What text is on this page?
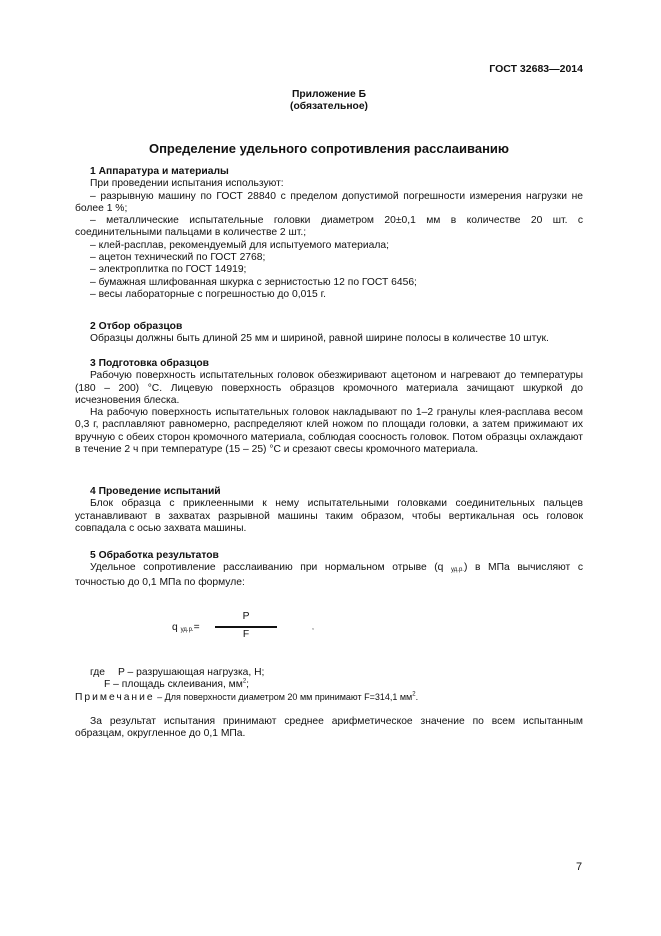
ГОСТ 32683—2014
Приложение Б
(обязательное)
Определение удельного сопротивления расслаиванию
1 Аппаратура и материалы

При проведении испытания используют:

– разрывную машину по ГОСТ 28840 с пределом допустимой погрешности измерения нагрузки не более 1 %;

– металлические испытательные головки диаметром 20±0,1 мм в количестве 20 шт. с соединительными пальцами в количестве 2 шт.;

– клей-расплав, рекомендуемый для испытуемого материала;

– ацетон технический по ГОСТ 2768;

– электроплитка по ГОСТ 14919;

– бумажная шлифованная шкурка с зернистостью 12 по ГОСТ 6456;

– весы лабораторные с погрешностью до 0,015 г.

2 Отбор образцов

Образцы должны быть длиной 25 мм и шириной, равной ширине полосы в количестве 10 штук.

3 Подготовка образцов

Рабочую поверхность испытательных головок обезжиривают ацетоном и нагревают до температуры (180 – 200) °С. Лицевую поверхность образцов кромочного материала зачищают шкуркой до исчезновения блеска.

На рабочую поверхность испытательных головок накладывают по 1–2 гранулы клея-расплава весом 0,3 г, расплавляют равномерно, распределяют клей ножом по площади головки, а затем прижимают их вручную с обеих сторон кромочного материала, соблюдая соосность головок. Потом образцы охлаждают в течение 2 ч при температуре (15 – 25) °С и срезают свесы кромочного материала.

4 Проведение испытаний

Блок образца с приклеенными к нему испытательными головками соединительных пальцев устанавливают в захватах разрывной машины таким образом, чтобы вертикальная ось головок совпадала с осью захвата машины.

5 Обработка результатов

Удельное сопротивление расслаиванию при нормальном отрыве (q уд.р.) в МПа вычисляют с точностью до 0,1 МПа по формуле:

q уд.р.=
P
F
,
где P – разрушающая нагрузка, Н;
F – площадь склеивания, $мм^2$;
Примечание – Для поверхности диаметром 20 мм принимают F=314,1 $мм^2$.

За результат испытания принимают среднее арифметическое значение по всем испытанным образцам, округленное до 0,1 МПа.

7
